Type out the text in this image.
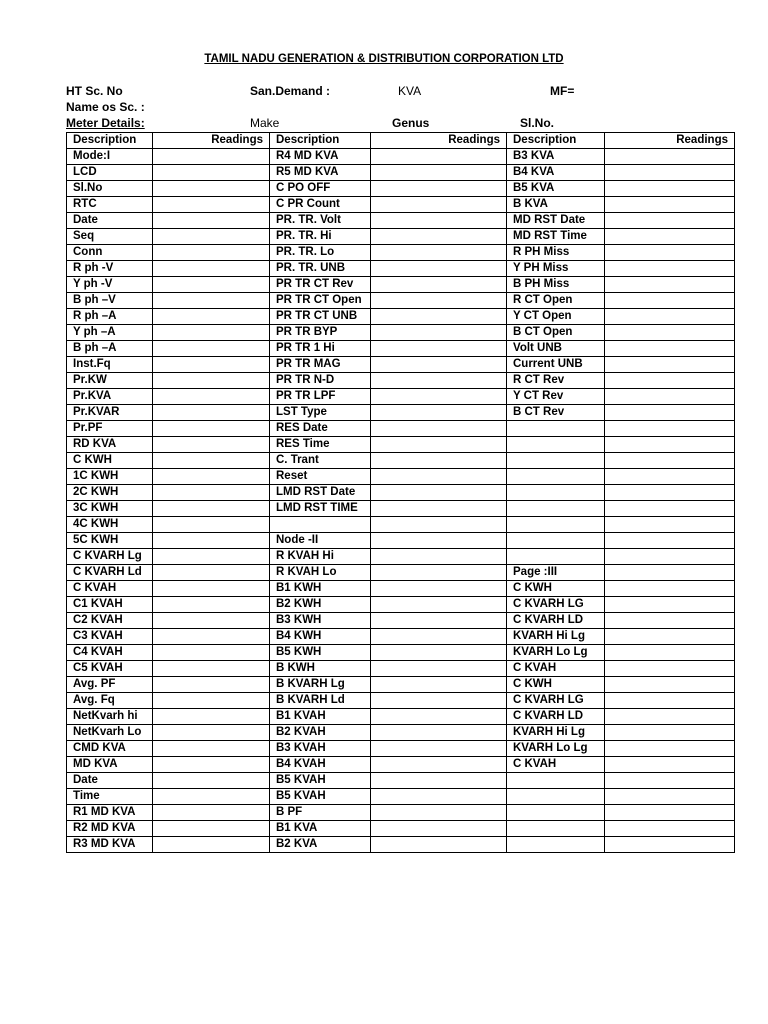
TAMIL NADU GENERATION & DISTRIBUTION CORPORATION LTD
HT Sc. No	San.Demand :	KVA	MF=
Name os Sc. :
Meter Details:	Make	Genus	Sl.No.
Description	Readings	Description	Readings	Description	Readings
Mode:I		R4 MD KVA		B3 KVA	
LCD		R5 MD KVA		B4 KVA	
Sl.No		C PO OFF		B5 KVA	
RTC		C PR Count		B KVA	
Date		PR. TR. Volt		MD RST Date	
Seq		PR. TR. Hi		MD RST Time	
Conn		PR. TR. Lo		R PH Miss	
R ph -V		PR. TR. UNB		Y PH Miss	
Y ph -V		PR TR CT Rev		B PH Miss	
B ph –V		PR TR CT Open		R CT Open	
R ph –A		PR TR CT UNB		Y CT Open	
Y ph –A		PR TR BYP		B CT Open	
B ph –A		PR TR 1 Hi		Volt UNB	
Inst.Fq		PR TR MAG		Current UNB	
Pr.KW		PR TR N-D		R CT Rev	
Pr.KVA		PR TR LPF		Y CT Rev	
Pr.KVAR		LST Type		B CT Rev	
Pr.PF		RES Date			
RD KVA		RES Time			
C KWH		C. Trant			
1C KWH		Reset			
2C KWH		LMD RST Date			
3C KWH		LMD RST TIME			
4C KWH					
5C KWH		Node -II			
C KVARH Lg		R KVAH Hi			
C KVARH Ld		R KVAH Lo		Page :III	
C KVAH		B1 KWH		C KWH	
C1 KVAH		B2 KWH		C KVARH LG	
C2 KVAH		B3 KWH		C KVARH LD	
C3 KVAH		B4 KWH		KVARH Hi Lg	
C4 KVAH		B5 KWH		KVARH Lo Lg	
C5 KVAH		B KWH		C KVAH	
Avg. PF		B KVARH Lg		C KWH	
Avg. Fq		B KVARH Ld		C KVARH LG	
NetKvarh hi		B1 KVAH		C KVARH LD	
NetKvarh Lo		B2 KVAH		KVARH Hi Lg	
CMD KVA		B3 KVAH		KVARH Lo Lg	
MD KVA		B4 KVAH		C KVAH	
Date		B5 KVAH			
Time		B5 KVAH			
R1 MD KVA		B PF			
R2 MD KVA		B1 KVA			
R3 MD KVA		B2 KVA			
